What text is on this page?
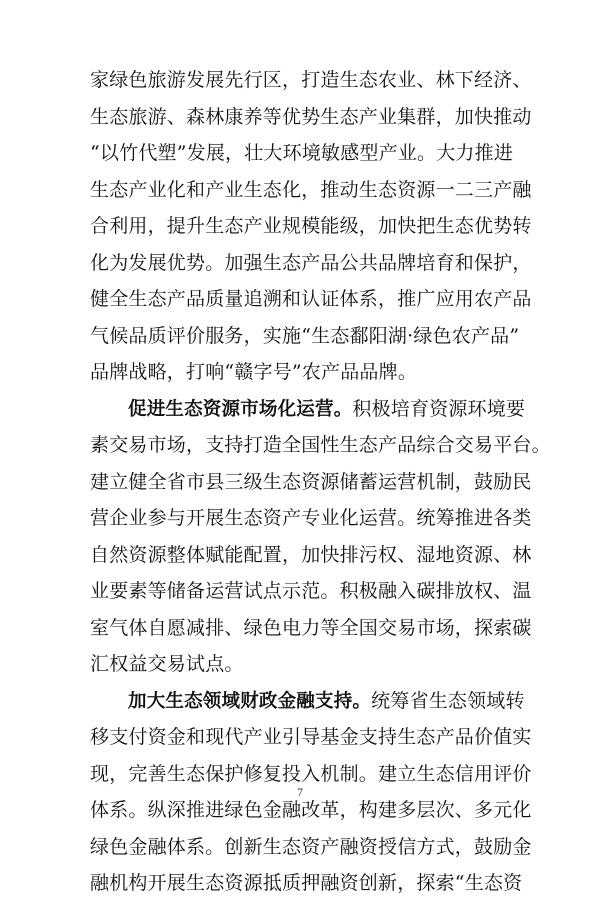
家绿色旅游发展先行区，打造生态农业、林下经济、
生态旅游、森林康养等优势生态产业集群，加快推动
“以竹代塑”发展，壮大环境敏感型产业。大力推进
生态产业化和产业生态化，推动生态资源一二三产融
合利用，提升生态产业规模能级，加快把生态优势转
化为发展优势。加强生态产品公共品牌培育和保护，
健全生态产品质量追溯和认证体系，推广应用农产品
气候品质评价服务，实施“生态鄱阳湖·绿色农产品”
品牌战略，打响“赣字号”农产品品牌。
促进生态资源市场化运营。积极培育资源环境要
素交易市场，支持打造全国性生态产品综合交易平台。
建立健全省市县三级生态资源储蓄运营机制，鼓励民
营企业参与开展生态资产专业化运营。统筹推进各类
自然资源整体赋能配置，加快排污权、湿地资源、林
业要素等储备运营试点示范。积极融入碳排放权、温
室气体自愿减排、绿色电力等全国交易市场，探索碳
汇权益交易试点。
加大生态领域财政金融支持。统筹省生态领域转
移支付资金和现代产业引导基金支持生态产品价值实
现，完善生态保护修复投入机制。建立生态信用评价
体系。纵深推进绿色金融改革，构建多层次、多元化
绿色金融体系。创新生态资产融资授信方式，鼓励金
融机构开展生态资源抵质押融资创新，探索“生态资
7
